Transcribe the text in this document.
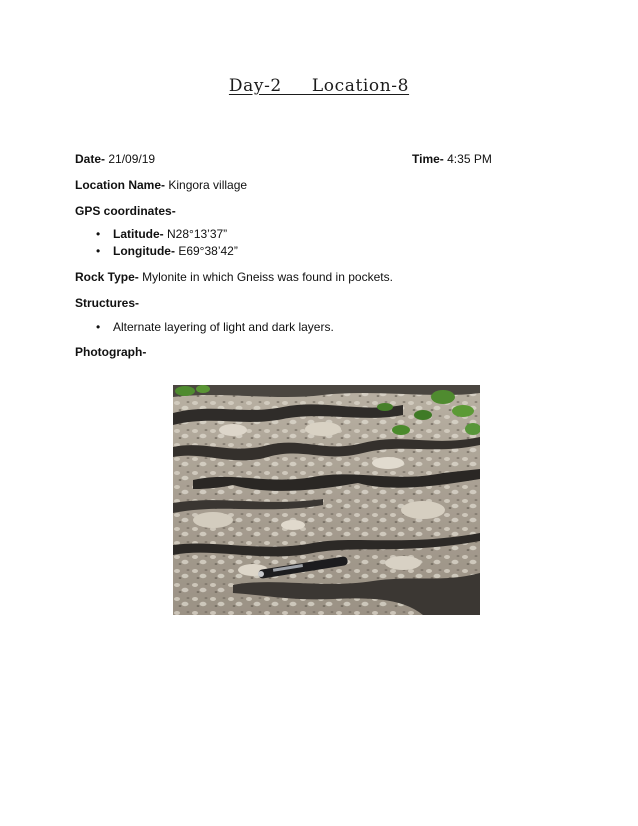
Day-2     Location-8
Date- 21/09/19	Time- 4:35 PM
Location Name- Kingora village
GPS coordinates-
•	Latitude- N28°13’37”
•	Longitude- E69°38’42”
Rock Type- Mylonite in which Gneiss was found in pockets.
Structures-
•	Alternate layering of light and dark layers.
Photograph-
